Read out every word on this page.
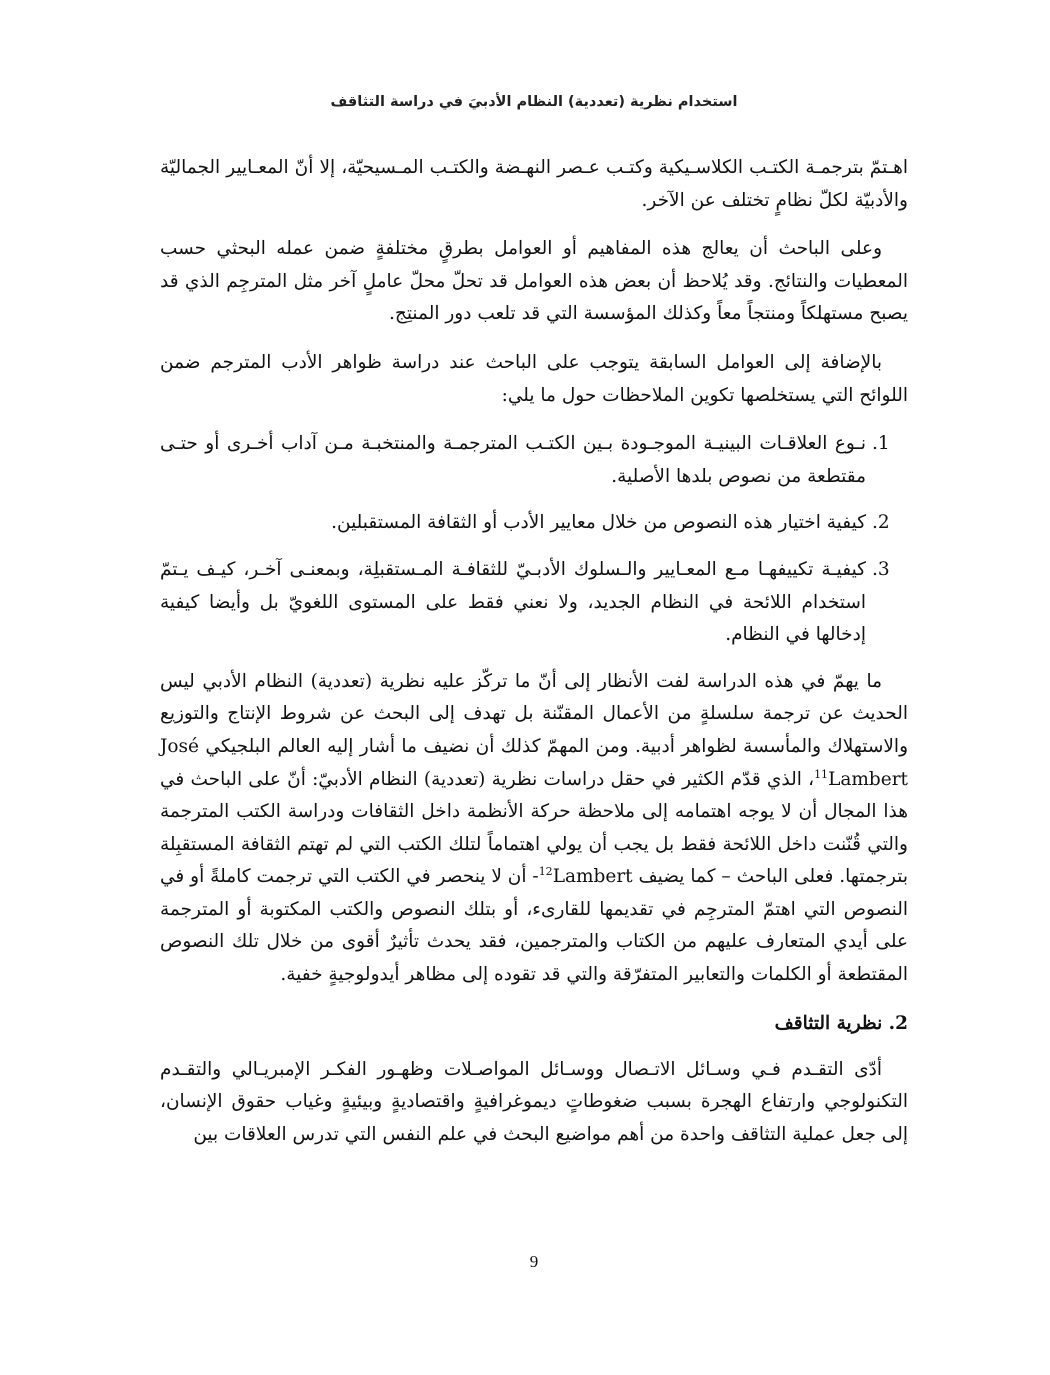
استخدام نظرية (تعددية) النظام الأدبيَ في دراسة التثاقف

اهـتمّ بترجمـة الكتـب الكلاسـيكية وكتـب عـصر النهـضة والكتـب المـسيحيّة، إلا أنّ المعـايير الجماليّة والأدبيّة لكلّ نظامٍ تختلف عن الآخر.

وعلى الباحث أن يعالج هذه المفاهيم أو العوامل بطرقٍ مختلفةٍ ضمن عمله البحثي حسب المعطيات والنتائج. وقد يُلاحظ أن بعض هذه العوامل قد تحلّ محلّ عاملٍ آخر مثل المترجِم الذي قد يصبح مستهلكاً ومنتجاً معاً وكذلك المؤسسة التي قد تلعب دور المنتِج.

بالإضافة إلى العوامل السابقة يتوجب على الباحث عند دراسة ظواهر الأدب المترجم ضمن اللوائح التي يستخلصها تكوين الملاحظات حول ما يلي:

1.
نـوع العلاقـات البينيـة الموجـودة بـين الكتـب المترجمـة والمنتخبـة مـن آداب أخـرى أو حتـى مقتطعة من نصوص بلدها الأصلية.
2.
كيفية اختيار هذه النصوص من خلال معايير الأدب أو الثقافة المستقبلين.
3.
كيفيـة تكييفهـا مـع المعـايير والـسلوك الأدبـيّ للثقافـة المـستقبلِة، وبمعنـى آخـر، كيـف يـتمّ استخدام اللائحة في النظام الجديد، ولا نعني فقط على المستوى اللغويّ بل وأيضا كيفية إدخالها في النظام.

ما يهمّ في هذه الدراسة لفت الأنظار إلى أنّ ما تركّز عليه نظرية (تعددية) النظام الأدبي ليس الحديث عن ترجمة سلسلةٍ من الأعمال المقنّنة بل تهدف إلى البحث عن شروط الإنتاج والتوزيع والاستهلاك والمأسسة لظواهر أدبية. ومن المهمّ كذلك أن نضيف ما أشار إليه العالم البلجيكي José Lambert$^{11}$، الذي قدّم الكثير في حقل دراسات نظرية (تعددية) النظام الأدبيّ: أنّ على الباحث في هذا المجال أن لا يوجه اهتمامه إلى ملاحظة حركة الأنظمة داخل الثقافات ودراسة الكتب المترجمة والتي قُنّنت داخل اللائحة فقط بل يجب أن يولي اهتماماً لتلك الكتب التي لم تهتم الثقافة المستقبِلة بترجمتها. فعلى الباحث – كما يضيف Lambert$^{12}$- أن لا ينحصر في الكتب التي ترجمت كاملةً أو في النصوص التي اهتمّ المترجِم في تقديمها للقارىء، أو بتلك النصوص والكتب المكتوبة أو المترجمة على أيدي المتعارف عليهم من الكتاب والمترجمين، فقد يحدث تأثيرٌ أقوى من خلال تلك النصوص المقتطعة أو الكلمات والتعابير المتفرّقة والتي قد تقوده إلى مظاهر أيدولوجيةٍ خفية.

2. نظرية التثاقف

أدّى التقـدم فـي وسـائل الاتـصال ووسـائل المواصـلات وظهـور الفكـر الإمبريـالي والتقـدم التكنولوجي وارتفاع الهجرة بسبب ضغوطاتٍ ديموغرافيةٍ واقتصاديةٍ وبيئيةٍ وغياب حقوق الإنسان، إلى جعل عملية التثاقف واحدة من أهم مواضيع البحث في علم النفس التي تدرس العلاقات بين

9
